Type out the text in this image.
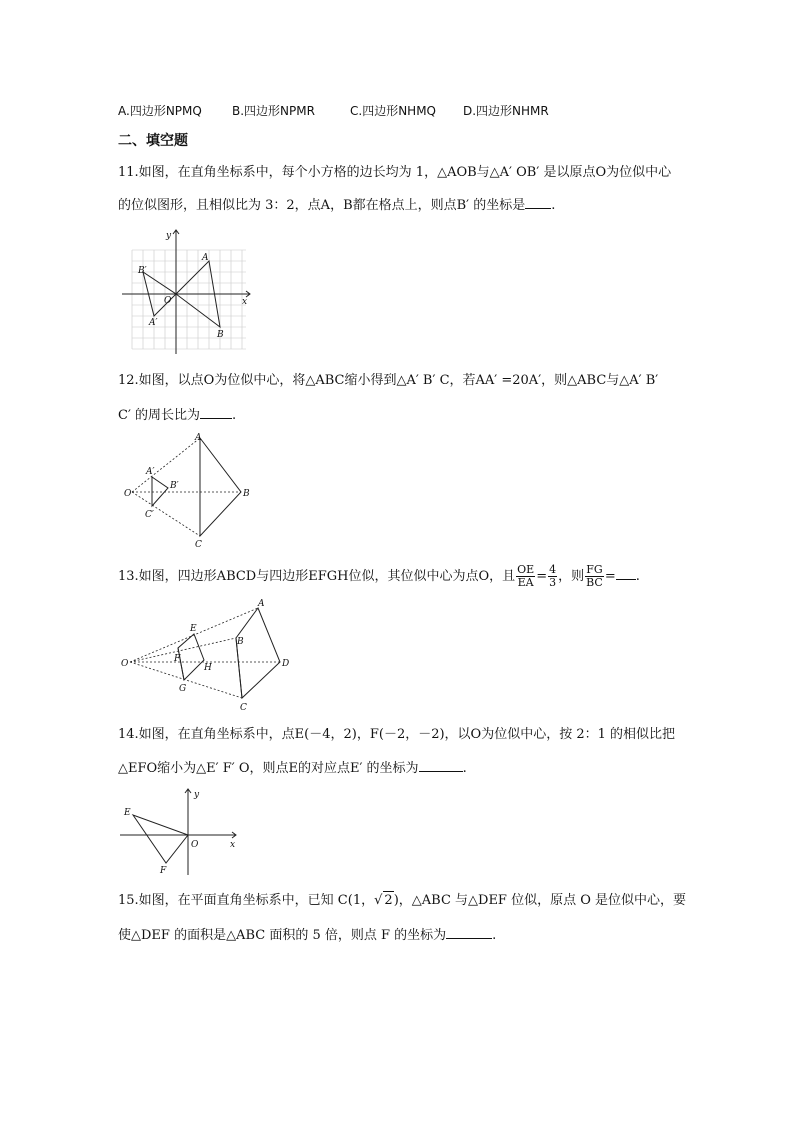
A.四边形NPMQ	B.四边形NPMR	C.四边形NHMQ D.四边形NHMR
二、填空题
11.如图，在直角坐标系中，每个小方格的边长均为 1，△AOB与△A′ OB′ 是以原点O为位似中心
的位似图形，且相似比为 3：2，点A，B都在格点上，则点B′ 的坐标是 .
y
x
O
A
B
A′
B′
12.如图，以点O为位似中心，将△ABC缩小得到△A′ B′ C，若AA′ =20A′，则△ABC与△A′ B′
C′ 的周长比为 .
O
A
B
C
A′
B′
C′
13.如图，四边形ABCD与四边形EFGH位似，其位似中心为点O，且 $\frac{OE}{EA} = \frac{4}{3}$ ，则 $\frac{FG}{BC}$ = .
O
A
B
C
D
E
F
G
H
14.如图，在直角坐标系中，点E(－4，2)，F(－2，－2)，以O为位似中心，按 2：1 的相似比把
△EFO缩小为△E′ F′ O，则点E的对应点E′ 的坐标为	.
E
F
O
y
x
15.如图，在平面直角坐标系中，已知 C(1，√ 2)，△ABC 与△DEF 位似，原点 O 是位似中心，要
使△DEF 的面积是△ABC 面积的 5 倍，则点 F 的坐标为	.
